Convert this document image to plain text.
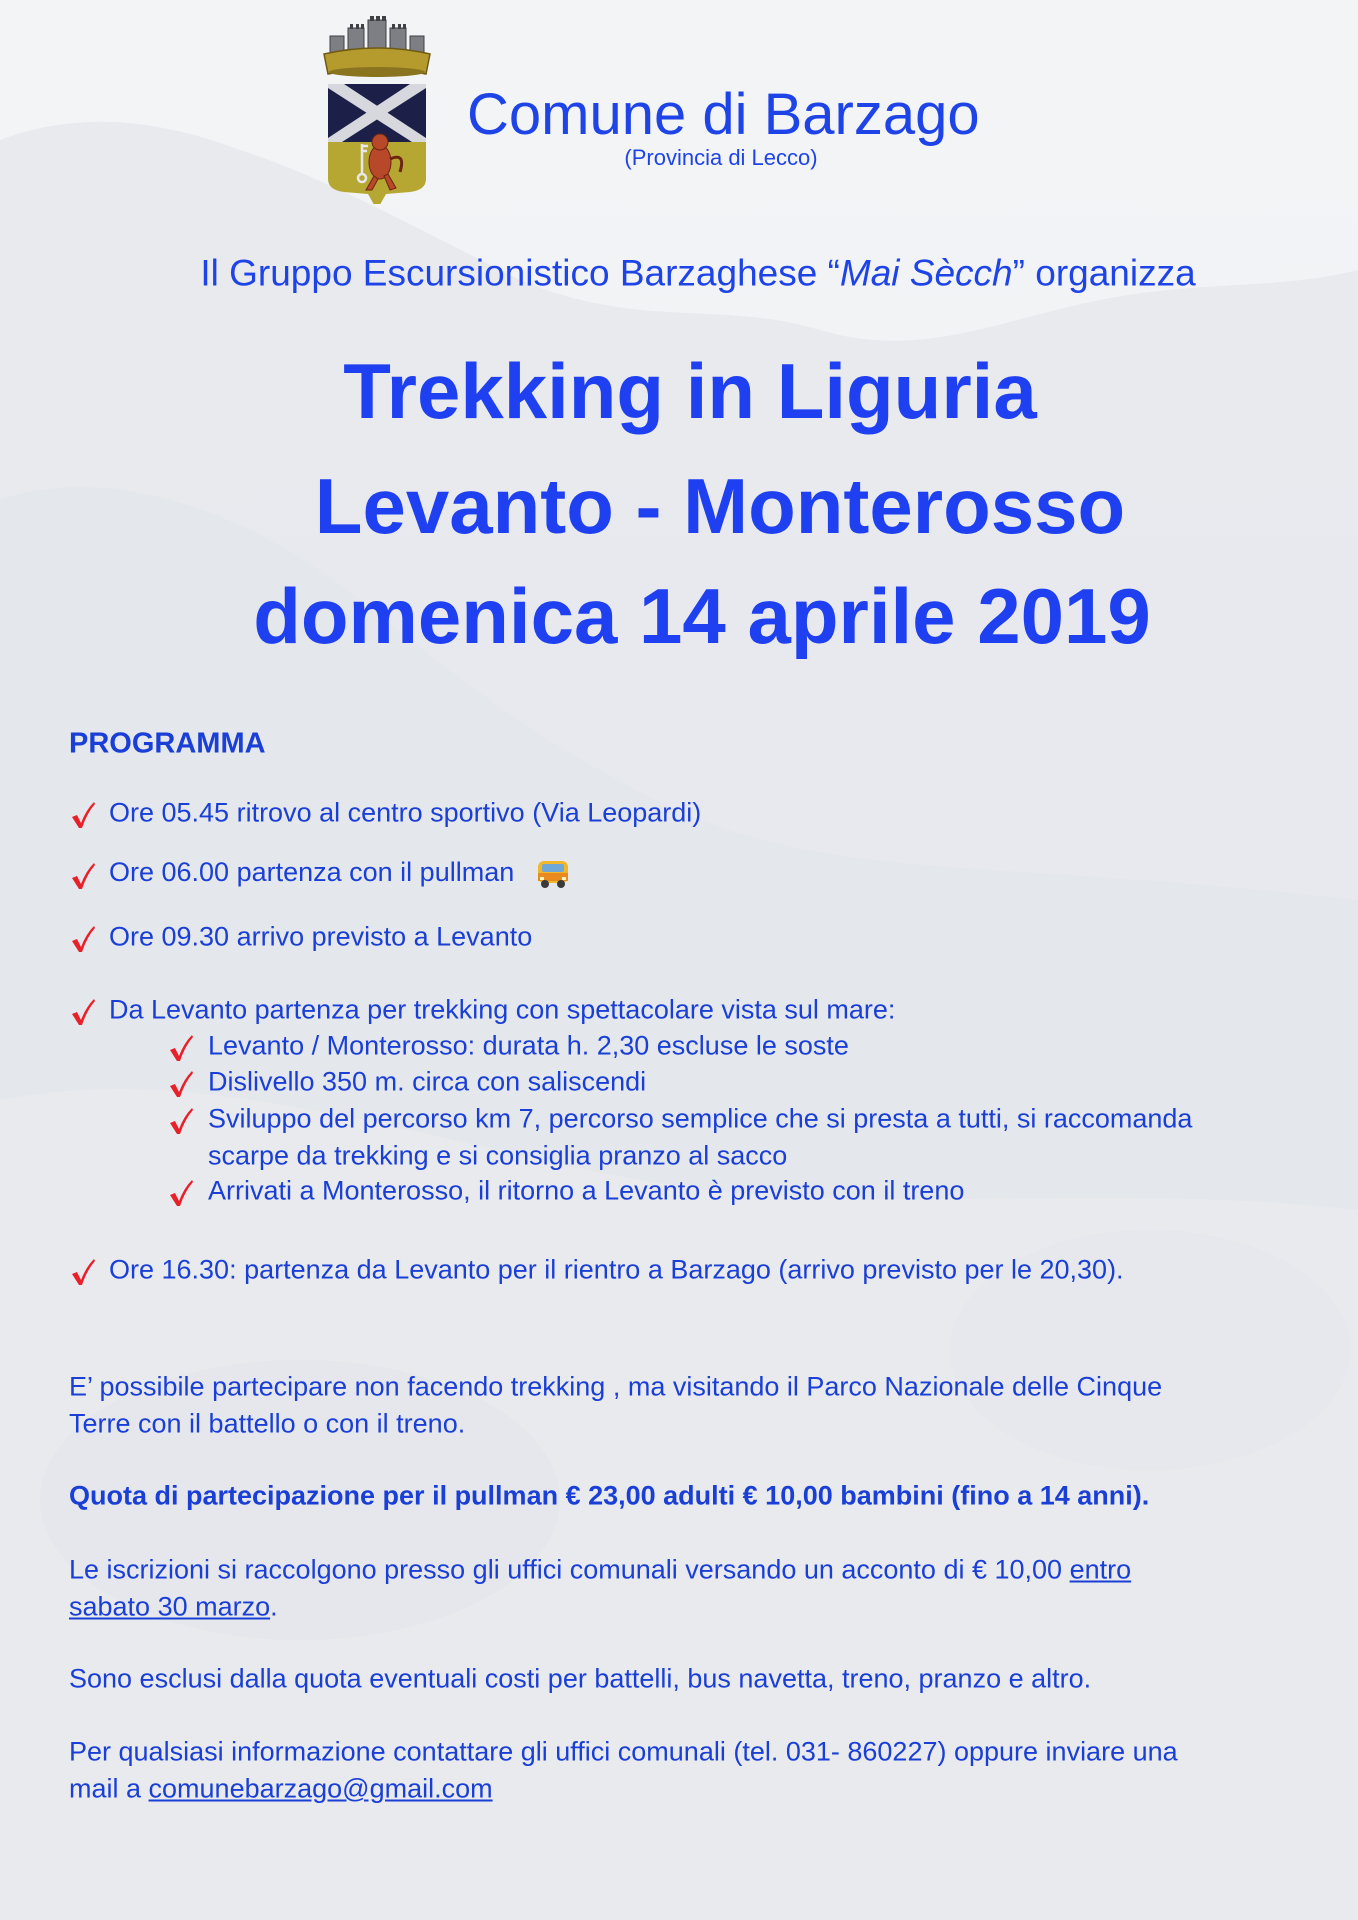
Comune di Barzago
(Provincia di Lecco)
Il Gruppo Escursionistico Barzaghese “Mai Sècch” organizza
Trekking in Liguria
Levanto - Monterosso
domenica 14 aprile 2019
PROGRAMMA
Ore 05.45 ritrovo al centro sportivo (Via Leopardi)
Ore 06.00 partenza con il pullman
Ore 09.30 arrivo previsto a Levanto
Da Levanto partenza per trekking con spettacolare vista sul mare:
Levanto / Monterosso: durata h. 2,30 escluse le soste
Dislivello 350 m. circa con saliscendi
Sviluppo del percorso km 7, percorso semplice che si presta a tutti, si raccomanda
scarpe da trekking e si consiglia pranzo al sacco
Arrivati a Monterosso, il ritorno a Levanto è previsto con il treno
Ore 16.30: partenza da Levanto per il rientro a Barzago (arrivo previsto per le 20,30).
E’ possibile partecipare non facendo trekking , ma visitando il Parco Nazionale delle Cinque
Terre con il battello o con il treno.
Quota di partecipazione per il pullman € 23,00 adulti € 10,00 bambini (fino a 14 anni).
Le iscrizioni si raccolgono presso gli uffici comunali versando un acconto di € 10,00 entro
sabato 30 marzo.
Sono esclusi dalla quota eventuali costi per battelli, bus navetta, treno, pranzo e altro.
Per qualsiasi informazione contattare gli uffici comunali (tel. 031- 860227) oppure inviare una
mail a comunebarzago@gmail.com
